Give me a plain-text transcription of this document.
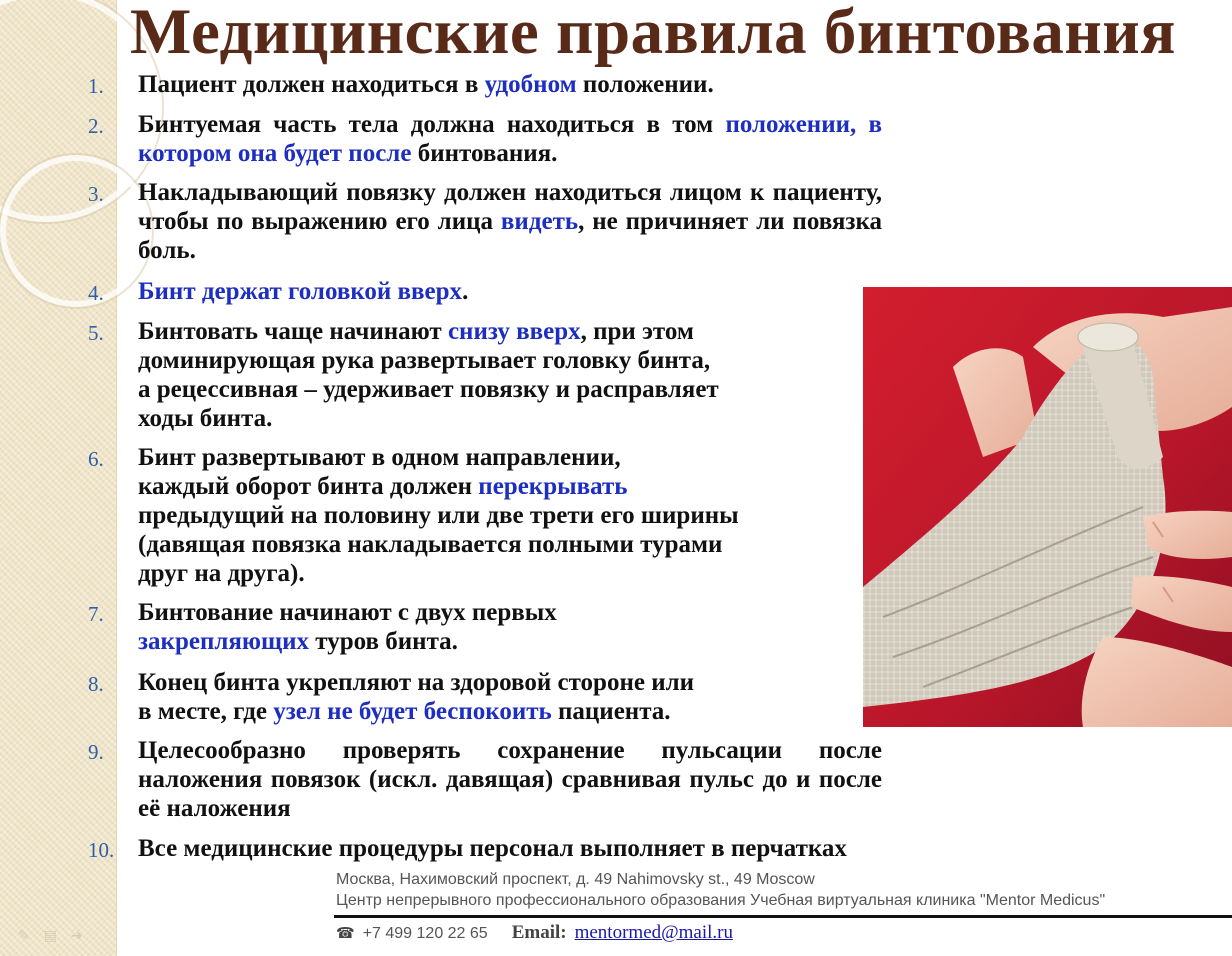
✎ ▤ ➔
Медицинские правила бинтования
1. Пациент должен находиться в удобном положении.
2. Бинтуемая часть тела должна находиться в том положении, в котором она будет после бинтования.
3. Накладывающий повязку должен находиться лицом к пациенту, чтобы по выражению его лица видеть, не причиняет ли повязка боль.
4. Бинт держат головкой вверх.
5. Бинтовать чаще начинают снизу вверх, при этом

доминирующая рука развертывает головку бинта,

а рецессивная – удерживает повязку и расправляет

ходы бинта.

6. Бинт развертывают в одном направлении,

каждый оборот бинта должен перекрывать

предыдущий на половину или две трети его ширины

(давящая повязка накладывается полными турами

друг на друга).

7. Бинтование начинают с двух первых

закрепляющих туров бинта.

8. Конец бинта укрепляют на здоровой стороне или

в месте, где узел не будет беспокоить пациента.

9. Целесообразно проверять сохранение пульсации после наложения повязок (искл. давящая) сравнивая пульс до и после её наложения
10. Все медицинские процедуры персонал выполняет в перчатках
Москва, Нахимовский проспект, д. 49 Nahimovsky st., 49 Moscow
Центр непрерывного профессионального образования Учебная виртуальная клиника "Mentor Medicus"
☎ +7 499 120 22 65 Email: mentormed@mail.ru
